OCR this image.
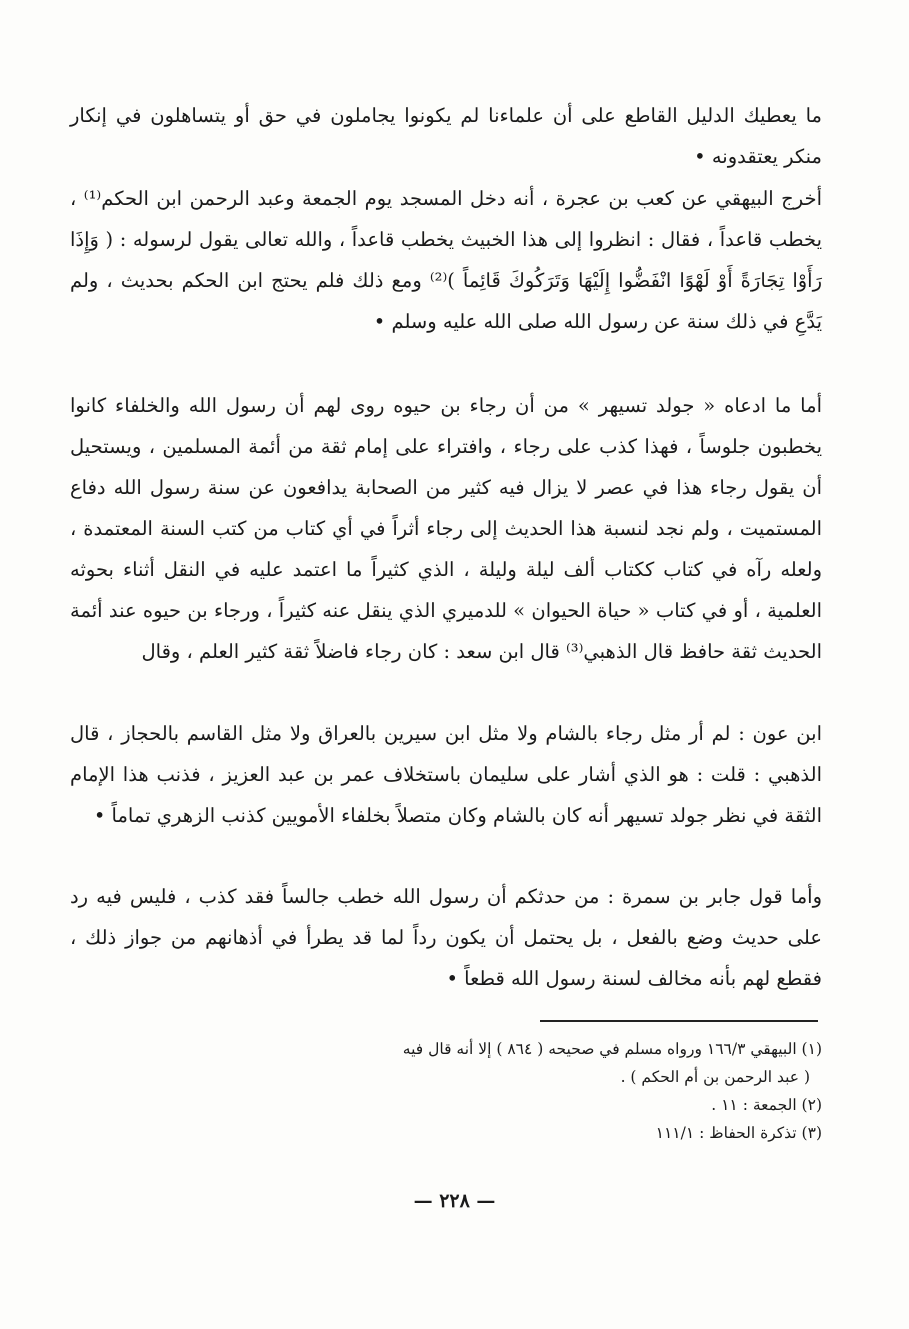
ما يعطيك الدليل القاطع على أن علماءنا لم يكونوا يجاملون في حق أو يتساهلون في إنكار منكر يعتقدونه •

أخرج البيهقي عن كعب بن عجرة ، أنه دخل المسجد يوم الجمعة وعبد الرحمن ابن الحكم⁽¹⁾ ، يخطب قاعداً ، فقال : انظروا إلى هذا الخبيث يخطب قاعداً ، والله تعالى يقول لرسوله : ( وَإِذَا رَأَوْا تِجَارَةً أَوْ لَهْوًا انْفَضُّوا إِلَيْهَا وَتَرَكُوكَ قَائِماً )⁽²⁾ ومع ذلك فلم يحتج ابن الحكم بحديث ، ولم يَدَّعِ في ذلك سنة عن رسول الله صلى الله عليه وسلم •

أما ما ادعاه « جولد تسيهر » من أن رجاء بن حيوه روى لهم أن رسول الله والخلفاء كانوا يخطبون جلوساً ، فهذا كذب على رجاء ، وافتراء على إمام ثقة من أئمة المسلمين ، ويستحيل أن يقول رجاء هذا في عصر لا يزال فيه كثير من الصحابة يدافعون عن سنة رسول الله دفاع المستميت ، ولم نجد لنسبة هذا الحديث إلى رجاء أثراً في أي كتاب من كتب السنة المعتمدة ، ولعله رآه في كتاب ككتاب ألف ليلة وليلة ، الذي كثيراً ما اعتمد عليه في النقل أثناء بحوثه العلمية ، أو في كتاب « حياة الحيوان » للدميري الذي ينقل عنه كثيراً ، ورجاء بن حيوه عند أئمة الحديث ثقة حافظ قال الذهبي⁽³⁾ قال ابن سعد : كان رجاء فاضلاً ثقة كثير العلم ، وقال

ابن عون : لم أر مثل رجاء بالشام ولا مثل ابن سيرين بالعراق ولا مثل القاسم بالحجاز ، قال الذهبي : قلت : هو الذي أشار على سليمان باستخلاف عمر بن عبد العزيز ، فذنب هذا الإمام الثقة في نظر جولد تسيهر أنه كان بالشام وكان متصلاً بخلفاء الأمويين كذنب الزهري تماماً •

وأما قول جابر بن سمرة : من حدثكم أن رسول الله خطب جالساً فقد كذب ، فليس فيه رد على حديث وضع بالفعل ، بل يحتمل أن يكون رداً لما قد يطرأ في أذهانهم من جواز ذلك ، فقطع لهم بأنه مخالف لسنة رسول الله قطعاً •

(١) البيهقي ١٦٦/٣ ورواه مسلم في صحيحه ( ٨٦٤ ) إلا أنه قال فيه

( عبد الرحمن بن أم الحكم ) .

(٢) الجمعة : ١١ .

(٣) تذكرة الحفاظ : ١١١/١

— ٢٢٨ —
